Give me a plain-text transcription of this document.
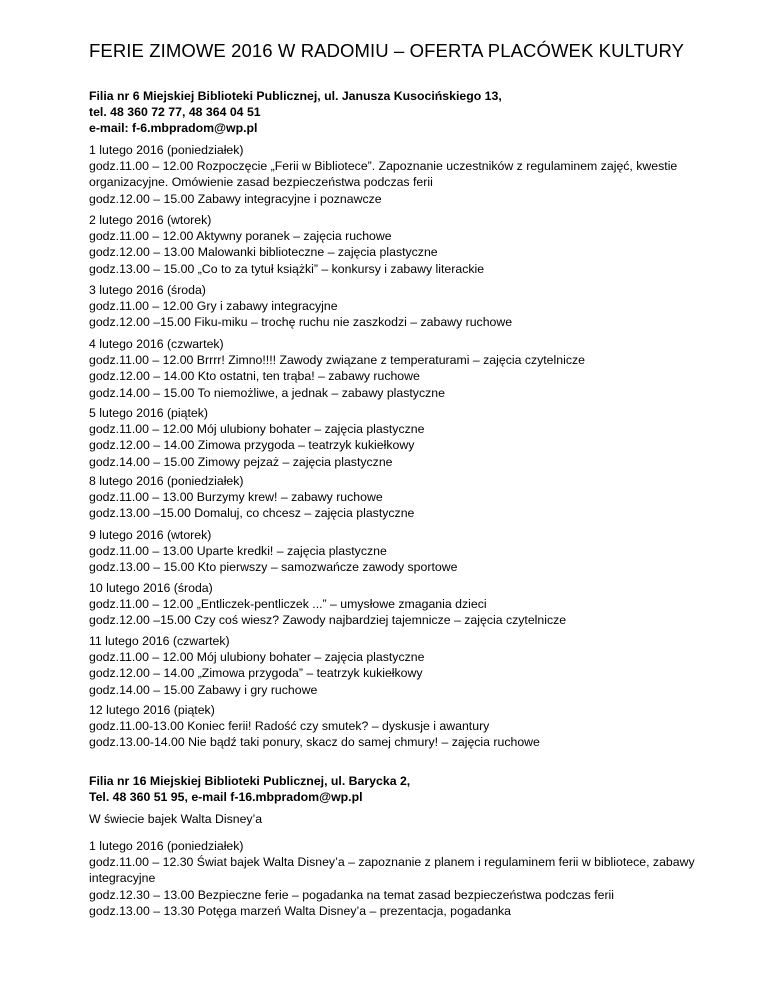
FERIE ZIMOWE 2016 W RADOMIU – OFERTA PLACÓWEK KULTURY
Filia nr 6 Miejskiej Biblioteki Publicznej, ul. Janusza Kusocińskiego 13,
tel. 48 360 72 77, 48 364 04 51
e-mail: f-6.mbpradom@wp.pl
1 lutego 2016 (poniedziałek)
godz.11.00 – 12.00 Rozpoczęcie „Ferii w Bibliotece”. Zapoznanie uczestników z regulaminem zajęć, kwestie organizacyjne. Omówienie zasad bezpieczeństwa podczas ferii
godz.12.00 – 15.00 Zabawy integracyjne i poznawcze
2 lutego 2016 (wtorek)
godz.11.00 – 12.00 Aktywny poranek – zajęcia ruchowe
godz.12.00 – 13.00 Malowanki biblioteczne – zajęcia plastyczne
godz.13.00 – 15.00 „Co to za tytuł książki” – konkursy i zabawy literackie
3 lutego 2016 (środa)
godz.11.00 – 12.00 Gry i zabawy integracyjne
godz.12.00 –15.00 Fiku-miku – trochę ruchu nie zaszkodzi – zabawy ruchowe
4 lutego 2016 (czwartek)
godz.11.00 – 12.00 Brrrr! Zimno!!!! Zawody związane z temperaturami – zajęcia czytelnicze
godz.12.00 – 14.00 Kto ostatni, ten trąba! – zabawy ruchowe
godz.14.00 – 15.00 To niemożliwe, a jednak – zabawy plastyczne
5 lutego 2016 (piątek)
godz.11.00 – 12.00 Mój ulubiony bohater – zajęcia plastyczne
godz.12.00 – 14.00 Zimowa przygoda – teatrzyk kukiełkowy
godz.14.00 – 15.00 Zimowy pejzaż – zajęcia plastyczne
8 lutego 2016 (poniedziałek)
godz.11.00 – 13.00 Burzymy krew! – zabawy ruchowe
godz.13.00 –15.00 Domaluj, co chcesz – zajęcia plastyczne
9 lutego 2016 (wtorek)
godz.11.00 – 13.00 Uparte kredki! – zajęcia plastyczne
godz.13.00 – 15.00 Kto pierwszy – samozwańcze zawody sportowe
10 lutego 2016 (środa)
godz.11.00 – 12.00 „Entliczek-pentliczek ...” – umysłowe zmagania dzieci
godz.12.00 –15.00 Czy coś wiesz? Zawody najbardziej tajemnicze – zajęcia czytelnicze
11 lutego 2016 (czwartek)
godz.11.00 – 12.00 Mój ulubiony bohater – zajęcia plastyczne
godz.12.00 – 14.00 „Zimowa przygoda” – teatrzyk kukiełkowy
godz.14.00 – 15.00 Zabawy i gry ruchowe
12 lutego 2016 (piątek)
godz.11.00-13.00 Koniec ferii! Radość czy smutek? – dyskusje i awantury
godz.13.00-14.00 Nie bądź taki ponury, skacz do samej chmury! – zajęcia ruchowe
Filia nr 16 Miejskiej Biblioteki Publicznej, ul. Barycka 2,
Tel. 48 360 51 95, e-mail f-16.mbpradom@wp.pl
W świecie bajek Walta Disney’a
1 lutego 2016 (poniedziałek)
godz.11.00 – 12.30 Świat bajek Walta Disney’a – zapoznanie z planem i regulaminem ferii w bibliotece, zabawy integracyjne
godz.12.30 – 13.00 Bezpieczne ferie – pogadanka na temat zasad bezpieczeństwa podczas ferii
godz.13.00 – 13.30 Potęga marzeń Walta Disney’a – prezentacja, pogadanka
